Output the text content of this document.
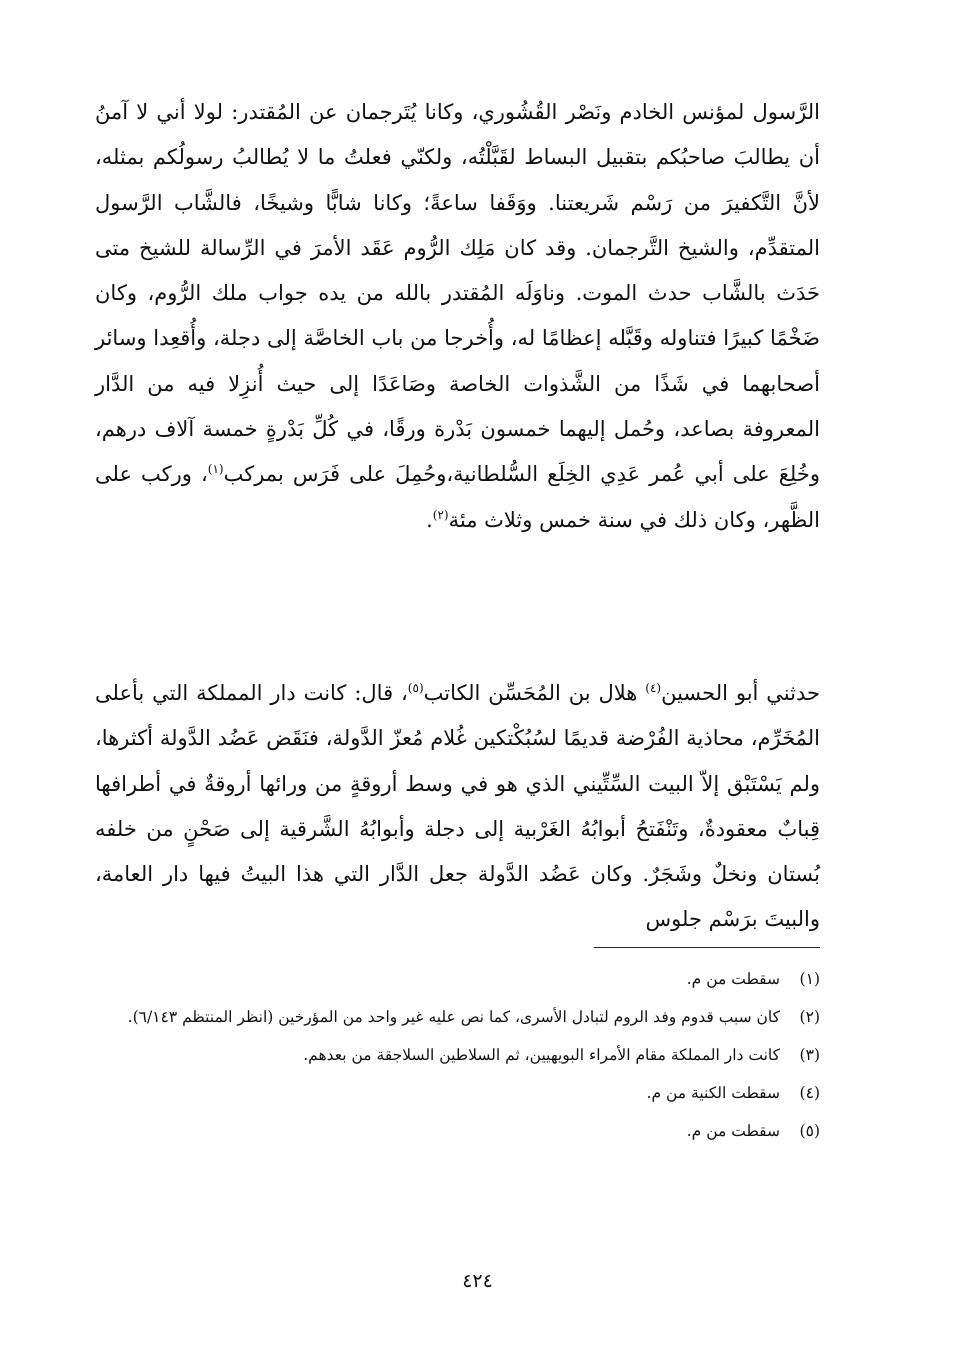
الرَّسول لمؤنس الخادم ونَصْر القُشُوري، وكانا يُتَرجمان عن المُقتدر: لولا أني لا آمنُ أن يطالبَ صاحبُكم بتقبيل البساط لقَبَّلْتُه، ولكنّي فعلتُ ما لا يُطالبُ رسولُكم بمثله، لأنَّ التَّكفيرَ من رَسْم شَريعتنا. ووَقَفا ساعةً؛ وكانا شابًّا وشيخًا، فالشَّاب الرَّسول المتقدِّم، والشيخ التَّرجمان. وقد كان مَلِك الرُّوم عَقَد الأمرَ في الرِّسالة للشيخ متى حَدَث بالشَّاب حدث الموت. وناوَلَه المُقتدر بالله من يده جواب ملك الرُّوم، وكان ضَخْمًا كبيرًا فتناوله وقَبَّله إعظامًا له، وأُخرجا من باب الخاصَّة إلى دجلة، وأُقعِدا وسائر أصحابهما في شَذًا من الشَّذوات الخاصة وصَاعَدًا إلى حيث أُنزِلا فيه من الدَّار المعروفة بصاعد، وحُمل إليهما خمسون بَدْرة ورقًا، في كُلِّ بَدْرةٍ خمسة آلاف درهم، وخُلِعَ على أبي عُمر عَدِي الخِلَع السُّلطانية،وحُمِلَ على فَرَس بمركب$^{(١)}$، وركب على الظَّهر، وكان ذلك في سنة خمس وثلاث مئة$^{(٢)}$.

حدثني أبو الحسين$^{(٤)}$ هلال بن المُحَسِّن الكاتب$^{(٥)}$، قال: كانت دار المملكة التي بأعلى المُخَرِّم، محاذية الفُرْضة قديمًا لسُبُكْتكين غُلام مُعزّ الدَّولة، فنَقَض عَضُد الدَّولة أكثرها، ولم يَسْتَبْق إلاّ البيت السِّتِّيني الذي هو في وسط أروقةٍ من ورائها أروقةٌ في أطرافها قِبابٌ معقودةٌ، وتَنْفَتحُ أبوابُهُ الغَرْبية إلى دجلة وأبوابُهُ الشَّرقية إلى صَحْنٍ من خلفه بُستان ونخلٌ وشَجَرٌ. وكان عَضُد الدَّولة جعل الدَّار التي هذا البيتُ فيها دار العامة، والبيتَ برَسْم جلوس

(١)
سقطت من م.
(٢)
كان سبب قدوم وفد الروم لتبادل الأسرى، كما نص عليه غير واحد من المؤرخين (انظر المنتظم ٦/١٤٣).
(٣)
كانت دار المملكة مقام الأمراء البويهيين، ثم السلاطين السلاجقة من بعدهم.
(٤)
سقطت الكنية من م.
(٥)
سقطت من م.
٤٢٤
